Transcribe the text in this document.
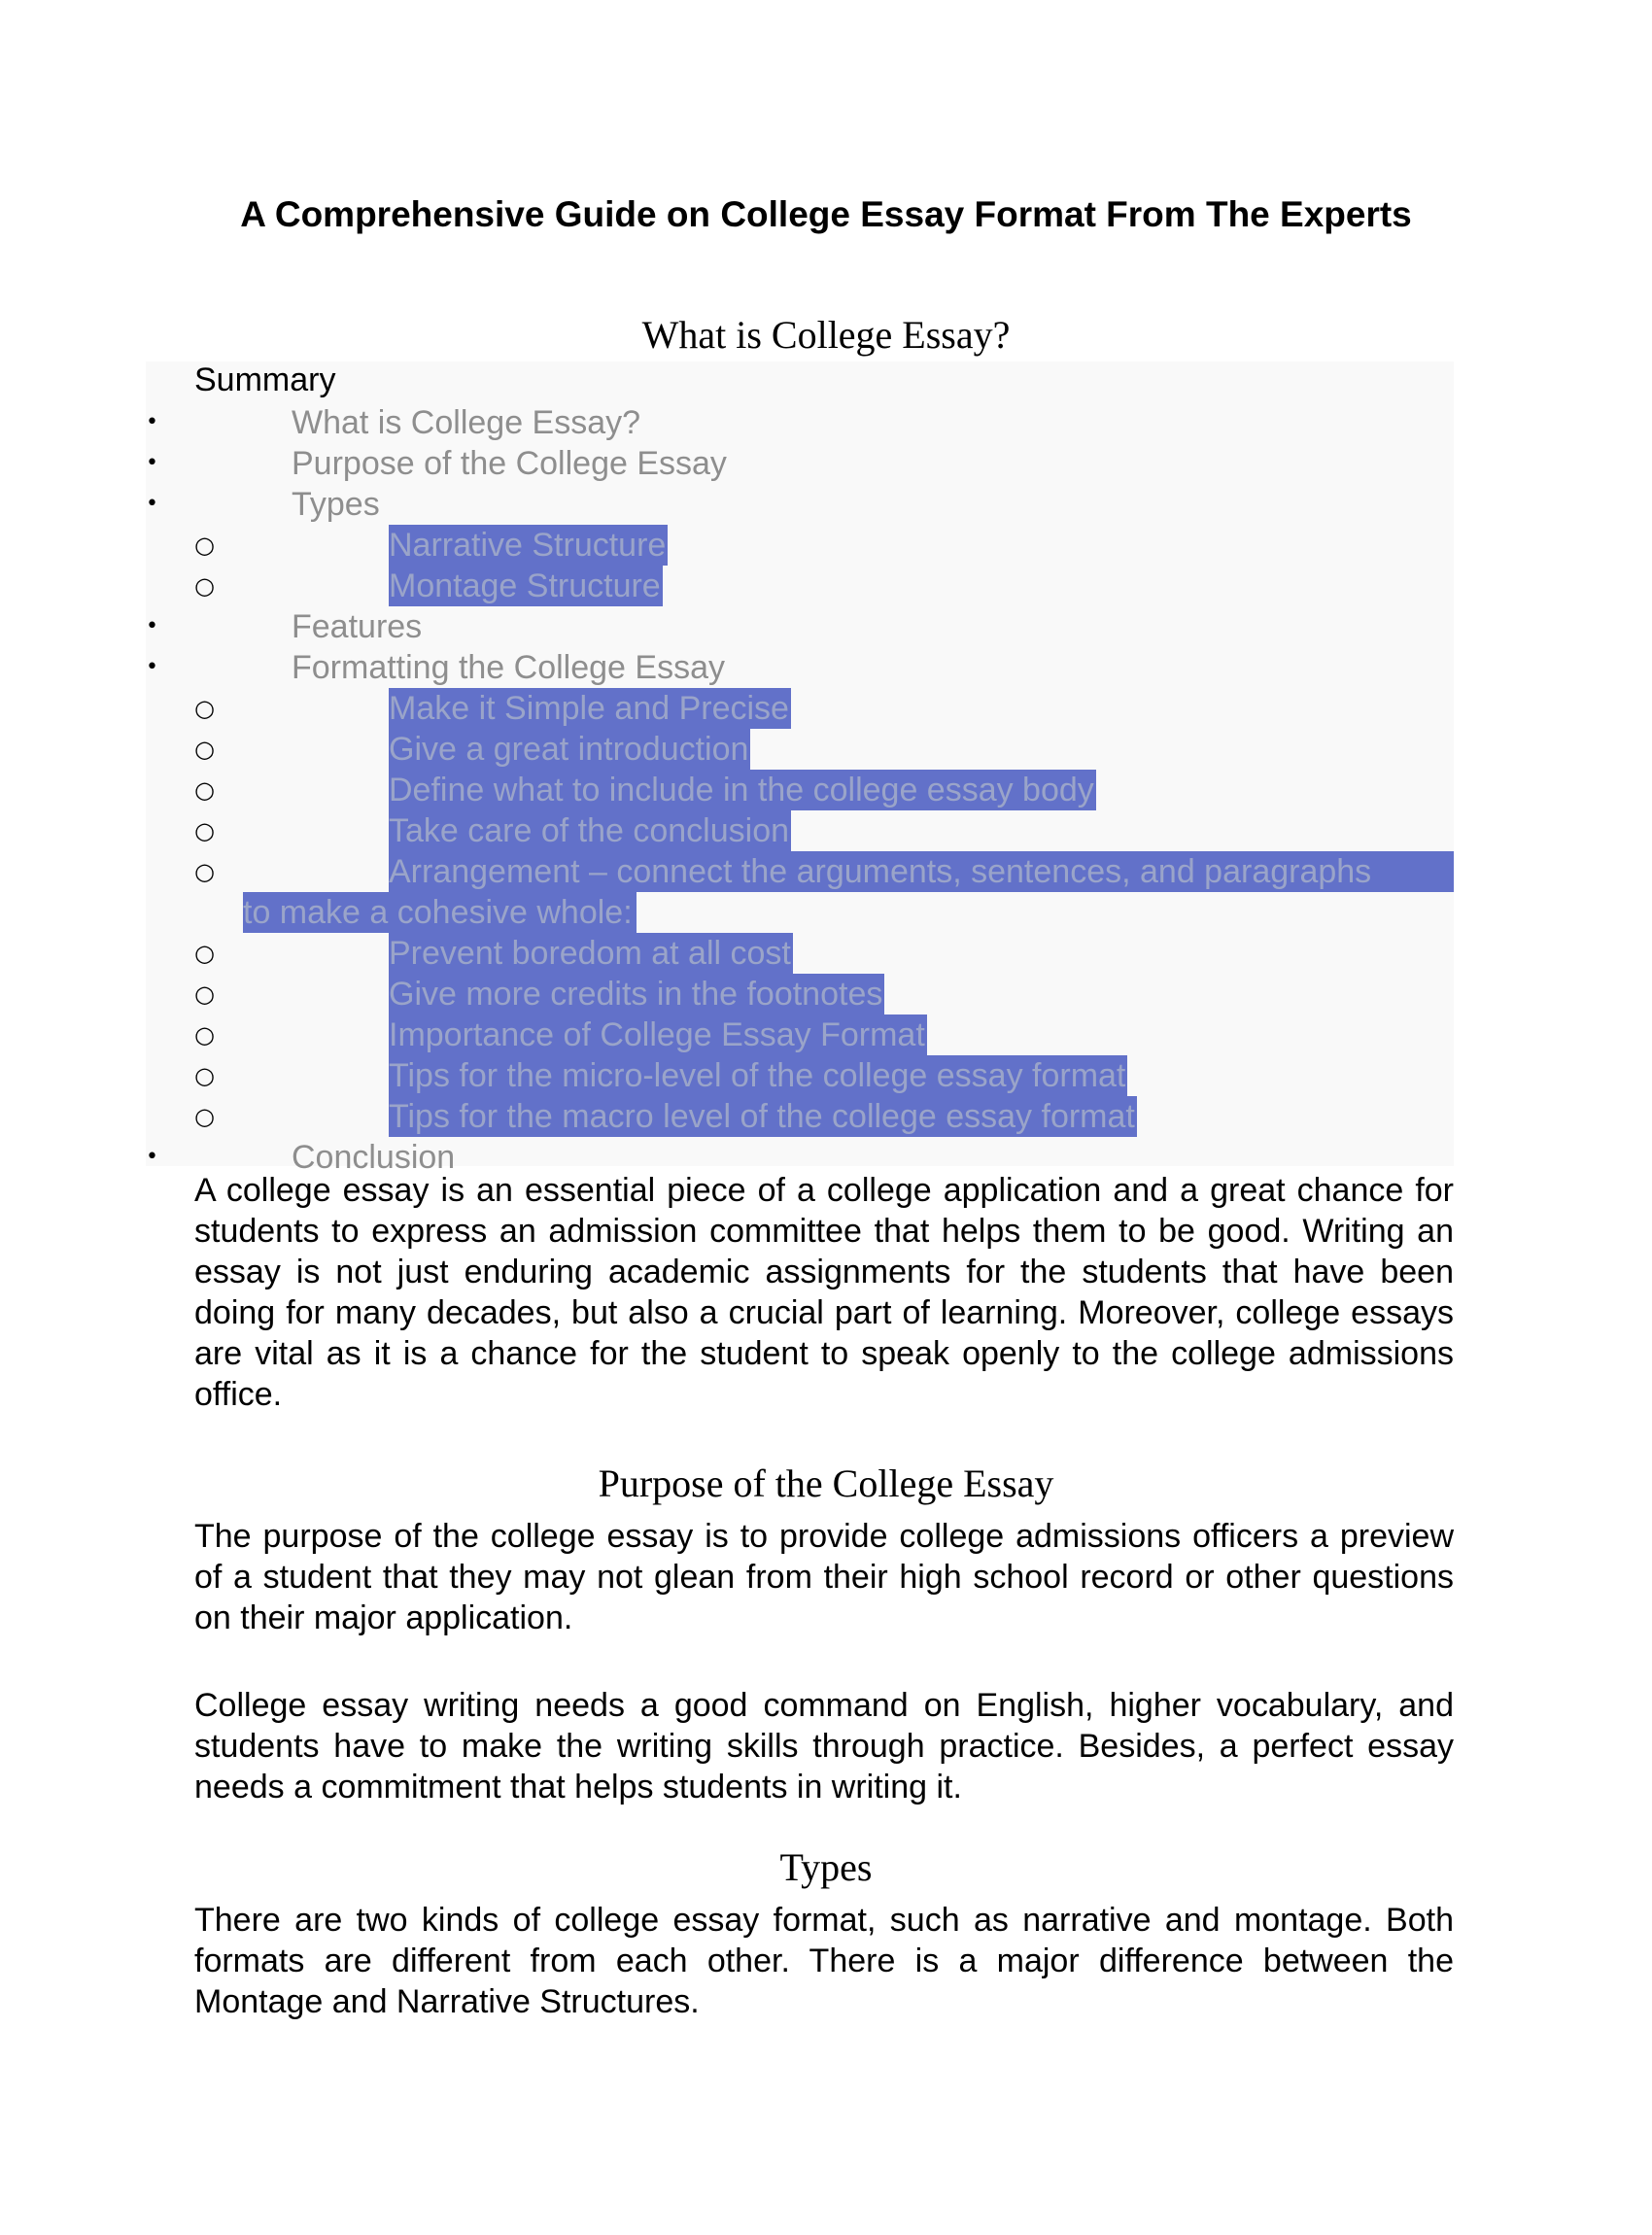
A Comprehensive Guide on College Essay Format From The Experts
What is College Essay?
Summary
•	What is College Essay?
•	Purpose of the College Essay
•	Types
○	Narrative Structure
○	Montage Structure
•	Features
•	Formatting the College Essay
○	Make it Simple and Precise
○	Give a great introduction
○	Define what to include in the college essay body
○	Take care of the conclusion
○	Arrangement – connect the arguments, sentences, and paragraphs
to make a cohesive whole:
○	Prevent boredom at all cost
○	Give more credits in the footnotes
○	Importance of College Essay Format
○	Tips for the micro-level of the college essay format
○	Tips for the macro level of the college essay format
•	Conclusion

A college essay is an essential piece of a college application and a great chance for students to express an admission committee that helps them to be good. Writing an essay is not just enduring academic assignments for the students that have been doing for many decades, but also a crucial part of learning. Moreover, college essays are vital as it is a chance for the student to speak openly to the college admissions office.

Purpose of the College Essay

The purpose of the college essay is to provide college admissions officers a preview of a student that they may not glean from their high school record or other questions on their major application.

College essay writing needs a good command on English, higher vocabulary, and students have to make the writing skills through practice. Besides, a perfect essay needs a commitment that helps students in writing it.

Types

There are two kinds of college essay format, such as narrative and montage. Both formats are different from each other. There is a major difference between the Montage and Narrative Structures.
